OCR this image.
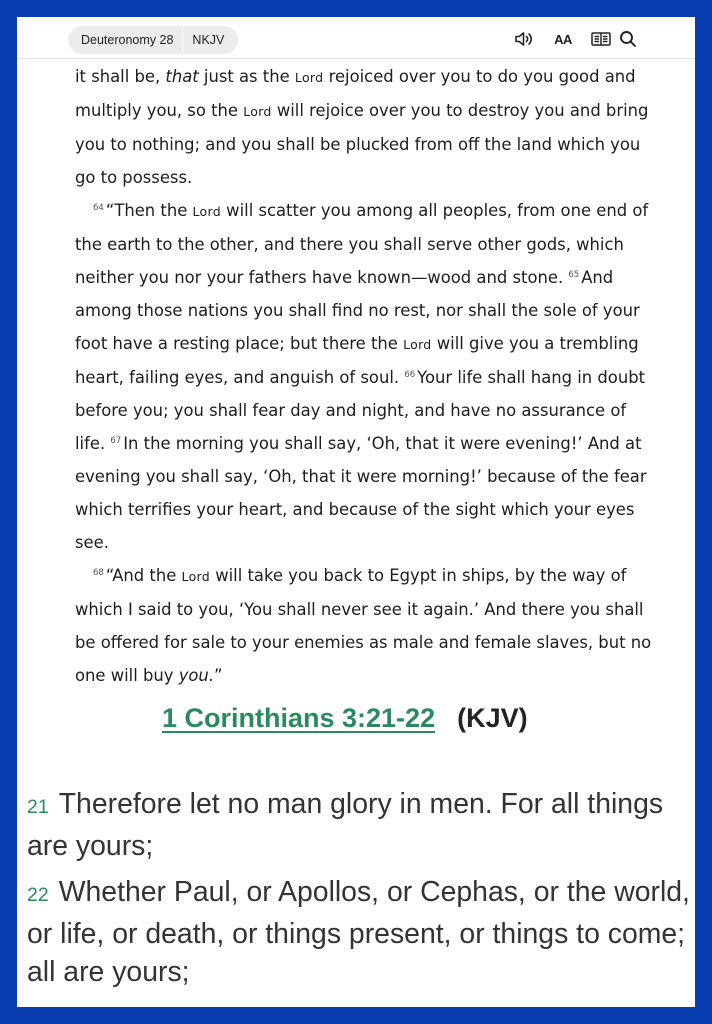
Deuteronomy 28	NKJV	AA

it shall be, that just as the Lord rejoiced over you to do you good and multiply you, so the Lord will rejoice over you to destroy you and bring you to nothing; and you shall be plucked from off the land which you go to possess.

$^{64}$ “Then the Lord will scatter you among all peoples, from one end of the earth to the other, and there you shall serve other gods, which neither you nor your fathers have known—wood and stone. $^{65}$ And among those nations you shall find no rest, nor shall the sole of your foot have a resting place; but there the Lord will give you a trembling heart, failing eyes, and anguish of soul. $^{66}$ Your life shall hang in doubt before you; you shall fear day and night, and have no assurance of life. $^{67}$ In the morning you shall say, ‘Oh, that it were evening!’ And at evening you shall say, ‘Oh, that it were morning!’ because of the fear which terrifies your heart, and because of the sight which your eyes see.

$^{68}$ “And the Lord will take you back to Egypt in ships, by the way of which I said to you, ‘You shall never see it again.’ And there you shall be offered for sale to your enemies as male and female slaves, but no one will buy you.”

1 Corinthians 3:21-22 (KJV)
21 Therefore let no man glory in men. For all things are yours;
22 Whether Paul, or Apollos, or Cephas, or the world, or life, or death, or things present, or things to come; all are yours;
